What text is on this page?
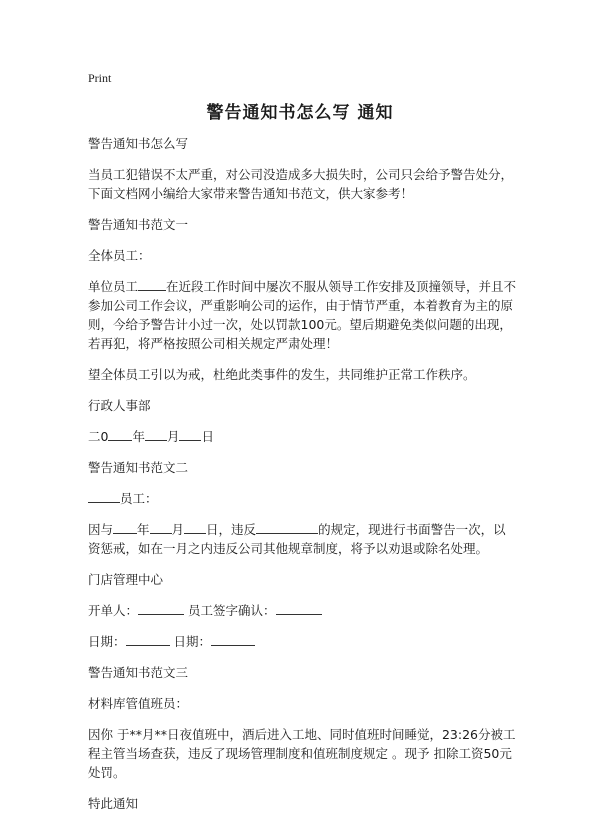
Print
警告通知书怎么写 通知

警告通知书怎么写

当员工犯错误不太严重，对公司没造成多大损失时，公司只会给予警告处分，下面文档网小编给大家带来警告通知书范文，供大家参考！

警告通知书范文一

全体员工：

单位员工 在近段工作时间中屡次不服从领导工作安排及顶撞领导，并且不参加公司工作会议，严重影响公司的运作，由于情节严重，本着教育为主的原则，今给予警告计小过一次，处以罚款100元。望后期避免类似问题的出现，若再犯，将严格按照公司相关规定严肃处理！

望全体员工引以为戒，杜绝此类事件的发生，共同维护正常工作秩序。

行政人事部

二0 年 月 日

警告通知书范文二

员工：

因与 年 月 日，违反	的规定，现进行书面警告一次，以资惩戒，如在一月之内违反公司其他规章制度，将予以劝退或除名处理。

门店管理中心

开单人：	员工签字确认：

日期：	日期：

警告通知书范文三

材料库管值班员：

因你 于**月**日夜值班中，酒后进入工地、同时值班时间睡觉，23:26分被工程主管当场查获，违反了现场管理制度和值班制度规定 。现予 扣除工资50元 处罚。

特此通知
